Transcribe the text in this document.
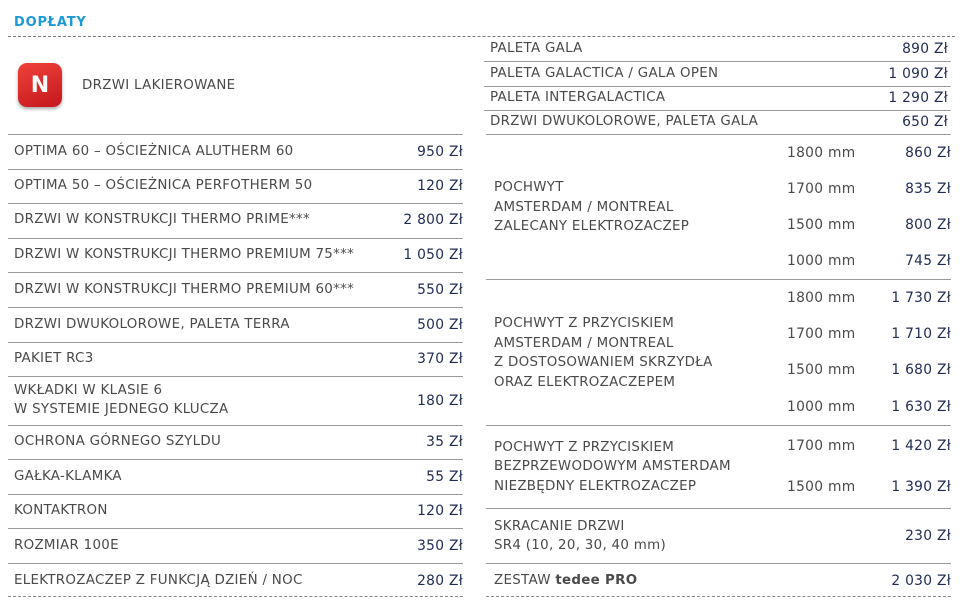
DOPŁATY
PALETA GALA	890 Zł
PALETA GALACTICA / GALA OPEN	1 090 Zł
PALETA INTERGALACTICA	1 290 Zł
DRZWI DWUKOLOROWE, PALETA GALA	650 Zł
N DRZWI LAKIEROWANE
OPTIMA 60 – OŚCIEŻNICA ALUTHERM 60	950 Zł
OPTIMA 50 – OŚCIEŻNICA PERFOTHERM 50	120 Zł
DRZWI W KONSTRUKCJI THERMO PRIME***	2 800 Zł
DRZWI W KONSTRUKCJI THERMO PREMIUM 75***	1 050 Zł
DRZWI W KONSTRUKCJI THERMO PREMIUM 60***	550 Zł
DRZWI DWUKOLOROWE, PALETA TERRA	500 Zł
PAKIET RC3	370 Zł
WKŁADKI W KLASIE 6
W SYSTEMIE JEDNEGO KLUCZA
180 Zł
OCHRONA GÓRNEGO SZYLDU	35 Zł
GAŁKA-KLAMKA	55 Zł
KONTAKTRON	120 Zł
ROZMIAR 100E	350 Zł
ELEKTROZACZEP Z FUNKCJĄ DZIEŃ / NOC	280 Zł
POCHWYT
AMSTERDAM / MONTREAL
ZALECANY ELEKTROZACZEP
1800 mm	860 Zł
1700 mm	835 Zł
1500 mm	800 Zł
1000 mm	745 Zł
POCHWYT Z PRZYCISKIEM
AMSTERDAM / MONTREAL
Z DOSTOSOWANIEM SKRZYDŁA
ORAZ ELEKTROZACZEPEM
1800 mm	1 730 Zł
1700 mm	1 710 Zł
1500 mm	1 680 Zł
1000 mm	1 630 Zł
POCHWYT Z PRZYCISKIEM
BEZPRZEWODOWYM AMSTERDAM
NIEZBĘDNY ELEKTROZACZEP
1700 mm	1 420 Zł
1500 mm	1 390 Zł
SKRACANIE DRZWI
SR4 (10, 20, 30, 40 mm)
230 Zł
ZESTAW tedee PRO	2 030 Zł
